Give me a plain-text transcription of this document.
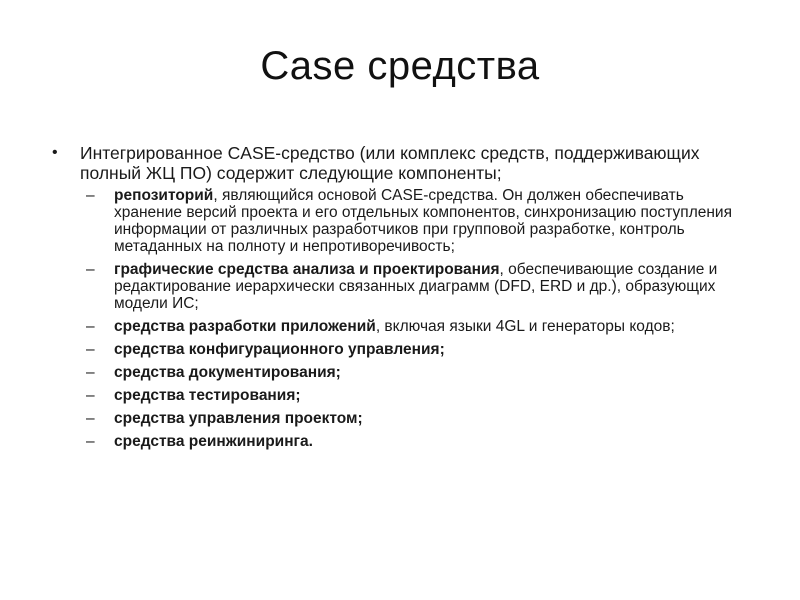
Case средства
• Интегрированное CASE-средство (или комплекс средств, поддерживающих полный ЖЦ ПО) содержит следующие компоненты;
– репозиторий, являющийся основой CASE-средства. Он должен обеспечивать хранение версий проекта и его отдельных компонентов, синхронизацию поступления информации от различных разработчиков при групповой разработке, контроль метаданных на полноту и непротиворечивость;
– графические средства анализа и проектирования, обеспечивающие создание и редактирование иерархически связанных диаграмм (DFD, ERD и др.), образующих модели ИС;
– средства разработки приложений, включая языки 4GL и генераторы кодов;
– средства конфигурационного управления;
– средства документирования;
– средства тестирования;
– средства управления проектом;
– средства реинжиниринга.
